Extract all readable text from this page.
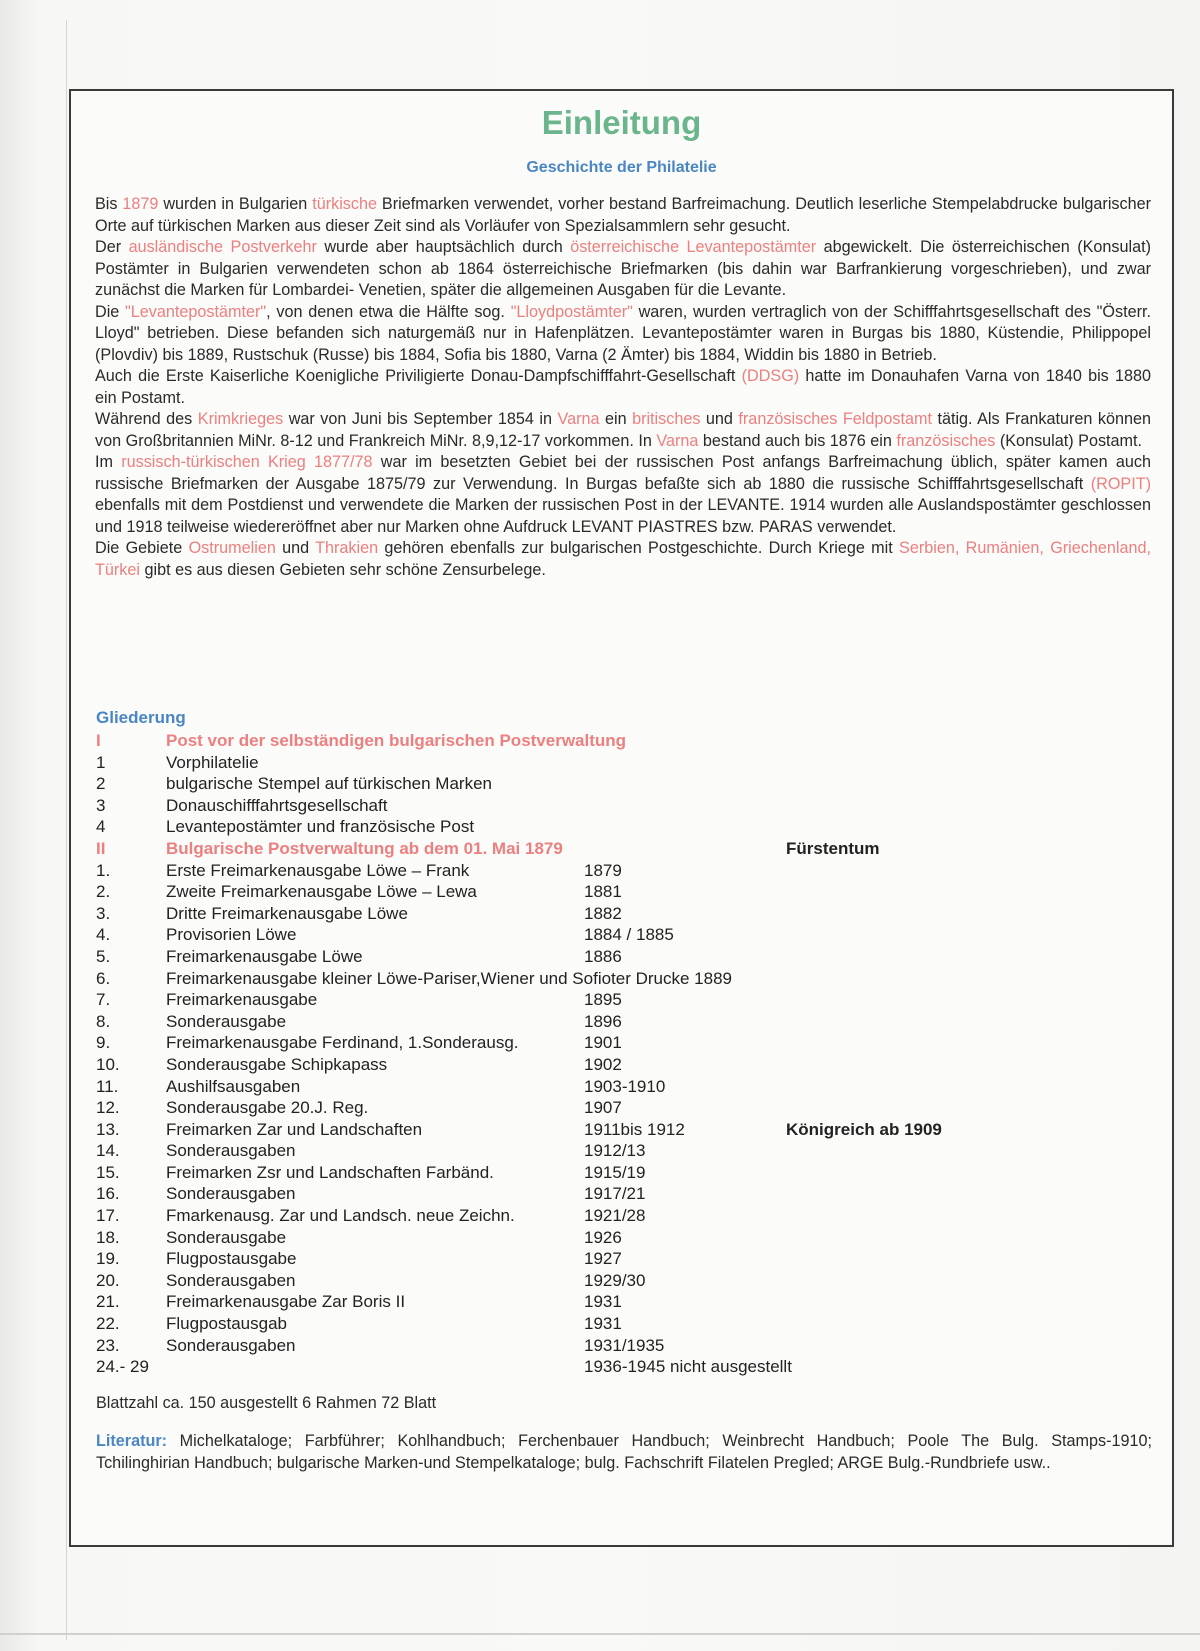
Einleitung
Geschichte der Philatelie

Bis 1879 wurden in Bulgarien türkische Briefmarken verwendet, vorher bestand Barfreimachung. Deutlich leserliche Stempelabdrucke bulgarischer Orte auf türkischen Marken aus dieser Zeit sind als Vorläufer von Spezialsammlern sehr gesucht.

Der ausländische Postverkehr wurde aber hauptsächlich durch österreichische Levantepostämter abgewickelt. Die österreichischen (Konsulat) Postämter in Bulgarien verwendeten schon ab 1864 österreichische Briefmarken (bis dahin war Barfrankierung vorgeschrieben), und zwar zunächst die Marken für Lombardei- Venetien, später die allgemeinen Ausgaben für die Levante.

Die "Levantepostämter", von denen etwa die Hälfte sog. "Lloydpostämter" waren, wurden vertraglich von der Schifffahrtsgesellschaft des "Österr. Lloyd" betrieben. Diese befanden sich naturgemäß nur in Hafenplätzen. Levantepostämter waren in Burgas bis 1880, Küstendie, Philippopel (Plovdiv) bis 1889, Rustschuk (Russe) bis 1884, Sofia bis 1880, Varna (2 Ämter) bis 1884, Widdin bis 1880 in Betrieb.

Auch die Erste Kaiserliche Koenigliche Priviligierte Donau-Dampfschifffahrt-Gesellschaft (DDSG) hatte im Donauhafen Varna von 1840 bis 1880 ein Postamt.

Während des Krimkrieges war von Juni bis September 1854 in Varna ein britisches und französisches Feldpostamt tätig. Als Frankaturen können von Großbritannien MiNr. 8-12 und Frankreich MiNr. 8,9,12-17 vorkommen. In Varna bestand auch bis 1876 ein französisches (Konsulat) Postamt.

Im russisch-türkischen Krieg 1877/78 war im besetzten Gebiet bei der russischen Post anfangs Barfreimachung üblich, später kamen auch russische Briefmarken der Ausgabe 1875/79 zur Verwendung. In Burgas befaßte sich ab 1880 die russische Schifffahrtsgesellschaft (ROPIT) ebenfalls mit dem Postdienst und verwendete die Marken der russischen Post in der LEVANTE. 1914 wurden alle Auslandspostämter geschlossen und 1918 teilweise wiedereröffnet aber nur Marken ohne Aufdruck LEVANT PIASTRES bzw. PARAS verwendet.

Die Gebiete Ostrumelien und Thrakien gehören ebenfalls zur bulgarischen Postgeschichte. Durch Kriege mit Serbien, Rumänien, Griechenland, Türkei gibt es aus diesen Gebieten sehr schöne Zensurbelege.

Gliederung
I	Post vor der selbständigen bulgarischen Postverwaltung
1	Vorphilatelie
2	bulgarische Stempel auf türkischen Marken
3	Donauschifffahrtsgesellschaft
4	Levantepostämter und französische Post
II	Bulgarische Postverwaltung ab dem 01. Mai 1879	Fürstentum
1.	Erste Freimarkenausgabe Löwe – Frank	1879
2.	Zweite Freimarkenausgabe Löwe – Lewa	1881
3.	Dritte Freimarkenausgabe Löwe	1882
4.	Provisorien Löwe	1884 / 1885
5.	Freimarkenausgabe Löwe	1886
6.	Freimarkenausgabe kleiner Löwe-Pariser,Wiener und Sofioter Drucke 1889
7.	Freimarkenausgabe	1895
8.	Sonderausgabe	1896
9.	Freimarkenausgabe Ferdinand, 1.Sonderausg.	1901
10.	Sonderausgabe Schipkapass	1902
11.	Aushilfsausgaben	1903-1910
12.	Sonderausgabe 20.J. Reg.	1907
13.	Freimarken Zar und Landschaften	1911bis 1912	Königreich ab 1909
14.	Sonderausgaben	1912/13
15.	Freimarken Zsr und Landschaften Farbänd.	1915/19
16.	Sonderausgaben	1917/21
17.	Fmarkenausg. Zar und Landsch. neue Zeichn.	1921/28
18.	Sonderausgabe	1926
19.	Flugpostausgabe	1927
20.	Sonderausgaben	1929/30
21.	Freimarkenausgabe Zar Boris II	1931
22.	Flugpostausgab	1931
23.	Sonderausgaben	1931/1935
24.- 29	1936-1945 nicht ausgestellt
Blattzahl ca. 150 ausgestellt 6 Rahmen 72 Blatt
Literatur: Michelkataloge; Farbführer; Kohlhandbuch; Ferchenbauer Handbuch; Weinbrecht Handbuch; Poole The Bulg. Stamps-1910; Tchilinghirian Handbuch; bulgarische Marken-und Stempelkataloge; bulg. Fachschrift Filatelen Pregled; ARGE Bulg.-Rundbriefe usw..
